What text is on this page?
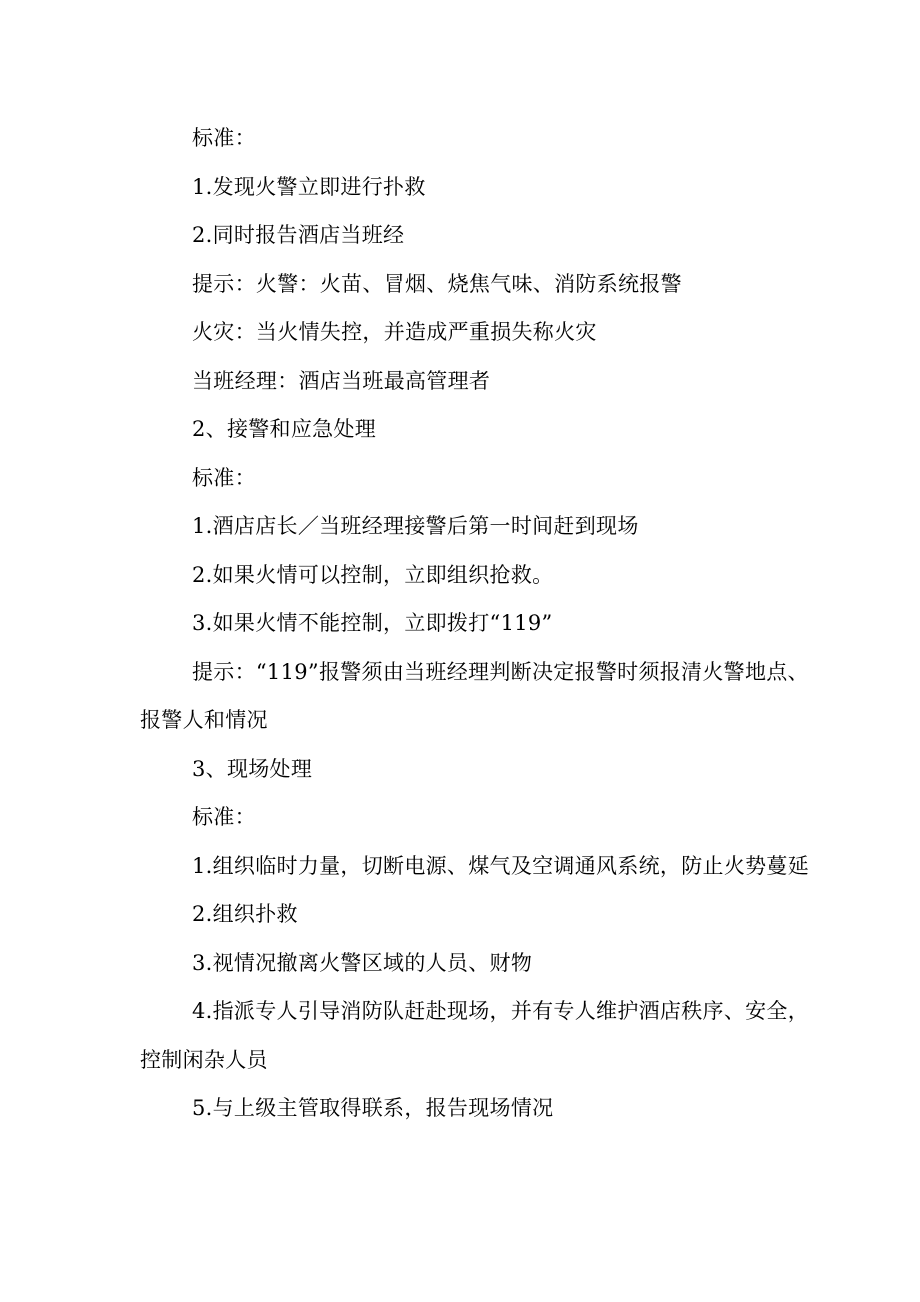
标准：

1.发现火警立即进行扑救

2.同时报告酒店当班经

提示：火警：火苗、冒烟、烧焦气味、消防系统报警

火灾：当火情失控，并造成严重损失称火灾

当班经理：酒店当班最高管理者

2、接警和应急处理

标准：

1.酒店店长／当班经理接警后第一时间赶到现场

2.如果火情可以控制，立即组织抢救。

3.如果火情不能控制，立即拨打“119”

提示：“119”报警须由当班经理判断决定报警时须报清火警地点、报警人和情况

3、现场处理

标准：

1.组织临时力量，切断电源、煤气及空调通风系统，防止火势蔓延

2.组织扑救

3.视情况撤离火警区域的人员、财物

4.指派专人引导消防队赶赴现场，并有专人维护酒店秩序、安全，控制闲杂人员

5.与上级主管取得联系，报告现场情况
